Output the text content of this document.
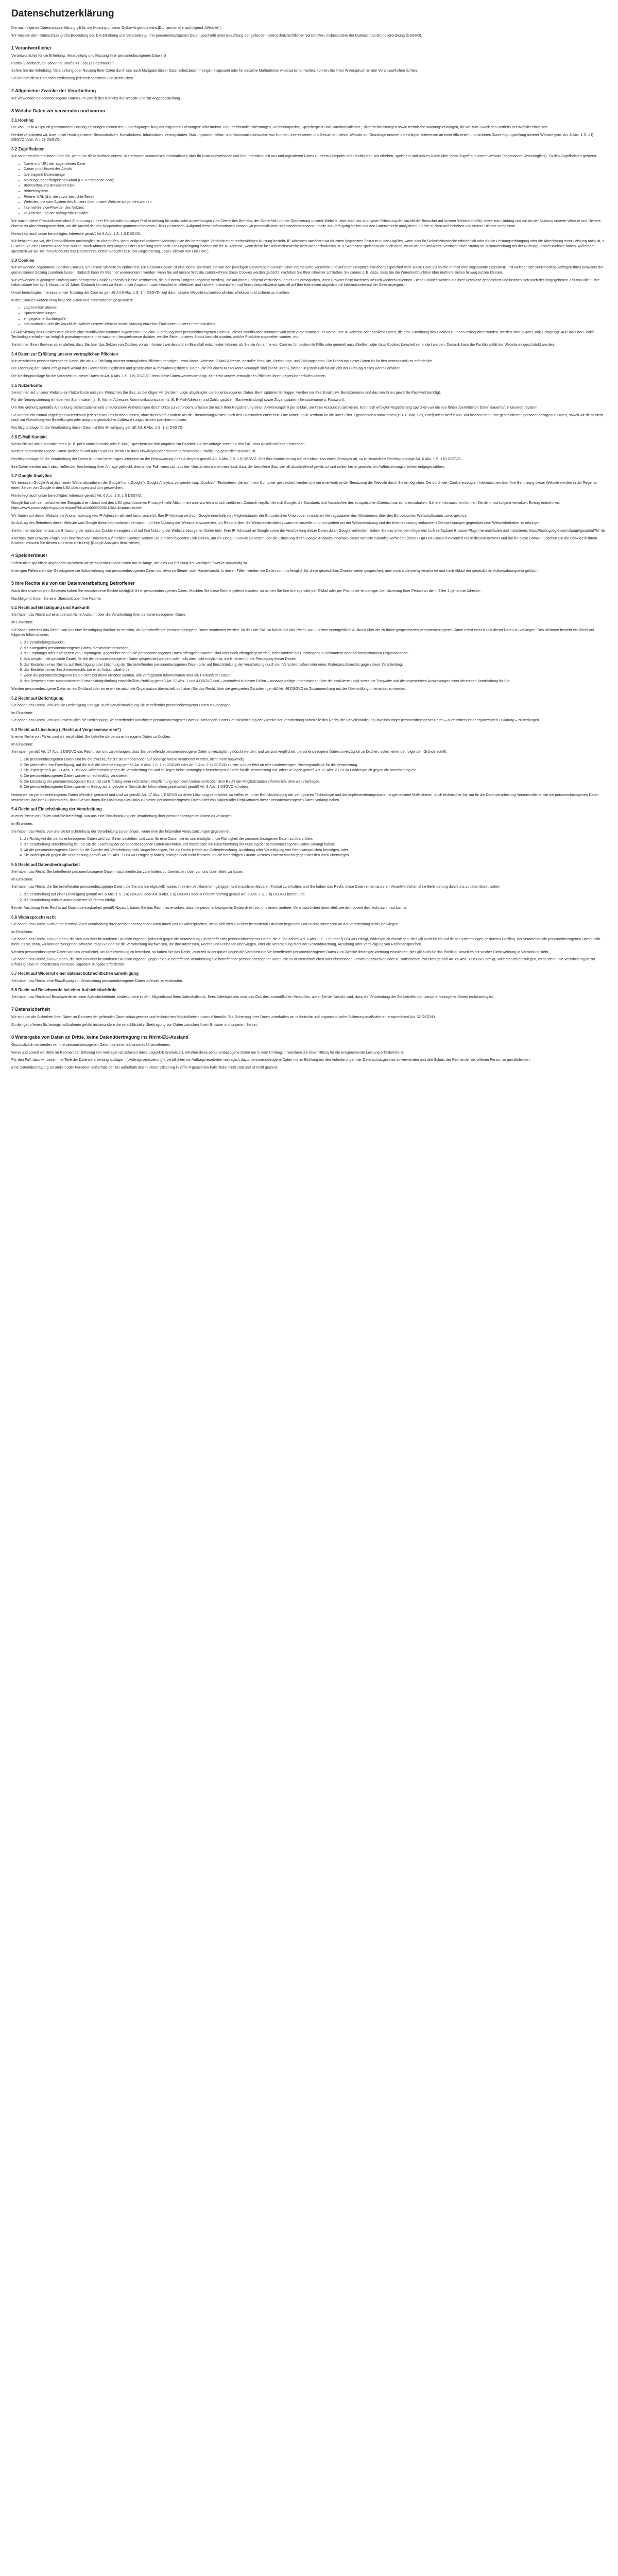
Datenschutzerklärung

Die nachfolgende Datenschutzerklärung gilt für die Nutzung unseres Online-Angebots www.[Domainname] (nachfolgend „Website“).

Wir messen dem Datenschutz große Bedeutung bei. Die Erhebung und Verarbeitung Ihrer personenbezogenen Daten geschieht unter Beachtung der geltenden datenschutzrechtlichen Vorschriften, insbesondere der Datenschutz-Grundverordnung (DSGVO).

1 Verantwortlicher

Verantwortlicher für die Erhebung, Verarbeitung und Nutzung Ihrer personenbezogenen Daten ist

Patrick Eisenbach, St. Johanner Straße 41 · 66111 Saarbrücken

Sofern Sie der Erhebung, Verarbeitung oder Nutzung Ihrer Daten durch uns nach Maßgabe dieser Datenschutzbestimmungen insgesamt oder für einzelne Maßnahmen widersprechen wollen, können Sie Ihren Widerspruch an den Verantwortlichen richten.

Sie können diese Datenschutzerklärung jederzeit speichern und ausdrucken.

2 Allgemeine Zwecke der Verarbeitung

Wir verwenden personenbezogene Daten zum Zweck des Betriebs der Website und zur Angebotsstellung.

3 Welche Daten wir verwenden und warum
3.1 Hosting

Die von uns in Anspruch genommenen Hosting-Leistungen dienen der Zurverfügungstellung der folgenden Leistungen: Infrastruktur- und Plattformdienstleistungen, Rechenkapazität, Speicherplatz und Datenbankdienste, Sicherheitsleistungen sowie technische Wartungsleistungen, die wir zum Zweck des Betriebs der Website einsetzen.

Hierbei verarbeiten wir, bzw. unser Hostinganbieter Bestandsdaten, Kontaktdaten, Inhaltsdaten, Vertragsdaten, Nutzungsdaten, Meta- und Kommunikationsdaten von Kunden, Interessenten und Besuchern dieser Website auf Grundlage unserer berechtigten Interessen an einer effizienten und sicheren Zurverfügungstellung unserer Website gem. Art. 6 Abs. 1 S. 1 f) DSGVO i.V.m. Art. 28 DSGVO.

3.2 Zugriffsdaten

Wir sammeln Informationen über Sie, wenn Sie diese Website nutzen. Wir erfassen automatisch Informationen über Ihr Nutzungsverhalten und Ihre Interaktion mit uns und registrieren Daten zu Ihrem Computer oder Mobilgerät. Wir erheben, speichern und nutzen Daten über jeden Zugriff auf unsere Website (sogenannte Serverlogfiles). Zu den Zugriffsdaten gehören:

• Name und URL der abgerufenen Datei
• Datum und Uhrzeit des Abrufs
• übertragene Datenmenge
• Meldung über erfolgreichen Abruf (HTTP response code)
• Browsertyp und Browserversion
• Betriebssystem
• Referer URL (d.h. die zuvor besuchte Seite)
• Websites, die vom System des Nutzers über unsere Website aufgerufen werden
• Internet-Service-Provider des Nutzers
• IP-Adresse und der anfragende Provider

Wir nutzen diese Protokolldaten ohne Zuordnung zu Ihrer Person oder sonstiger Profilerstellung für statistische Auswertungen zum Zweck des Betriebs, der Sicherheit und der Optimierung unserer Website, aber auch zur anonymen Erfassung der Anzahl der Besucher auf unserer Website (traffic) sowie zum Umfang und zur Art der Nutzung unserer Website und Dienste, ebenso zu Abrechnungszwecken, um die Anzahl der von Kooperationspartnern erhaltenen Clicks zu messen. Aufgrund dieser Informationen können wir personalisierte und standortbezogene Inhalte zur Verfügung stellen und den Datenverkehr analysieren, Fehler suchen und beheben und unsere Dienste verbessern.

Hierin liegt auch unser berechtigtes Interesse gemäß Art 6 Abs. 1 S. 1 f) DSGVO.

Wir behalten uns vor, die Protokolldaten nachträglich zu überprüfen, wenn aufgrund konkreter Anhaltspunkte der berechtigte Verdacht einer rechtswidrigen Nutzung besteht. IP-Adressen speichern wir für einen begrenzten Zeitraum in den Logfiles, wenn dies für Sicherheitszwecke erforderlich oder für die Leistungserbringung oder die Abrechnung einer Leistung nötig ist, z. B. wenn Sie eines unserer Angebote nutzen. Nach Abbruch des Vorgangs der Bestellung oder nach Zahlungseingang löschen wir die IP-Adresse, wenn diese für Sicherheitszwecke nicht mehr erforderlich ist. IP-Adressen speichern wir auch dann, wenn wir den konkreten Verdacht einer Straftat im Zusammenhang mit der Nutzung unserer Website haben. Außerdem speichern wir als Teil Ihres Accounts das Datum Ihres letzten Besuchs (z.B. bei Registrierung, Login, Klicken von Links etc.).

3.3 Cookies

Wir verwenden sogenannte Session-Cookies, um unsere Website zu optimieren. Ein Session-Cookie ist eine kleine Textdatei, die von den jeweiligen Servern beim Besuch einer Internetseite verschickt und auf Ihrer Festplatte zwischengespeichert wird. Diese Datei als solche enthält eine sogenannte Session-ID, mit welcher sich verschiedene Anfragen Ihres Browsers der gemeinsamen Sitzung zuordnen lassen. Dadurch kann Ihr Rechner wiedererkannt werden, wenn Sie auf unsere Website zurückkehren. Diese Cookies werden gelöscht, nachdem Sie Ihren Browser schließen. Sie dienen z. B. dazu, dass Sie die Warenkorbfunktion über mehrere Seiten hinweg nutzen können.

Wir verwenden in geringem Umfang auch persistente Cookies (ebenfalls kleine Textdateien, die auf Ihrem Endgerät abgelegt werden), die auf Ihrem Endgerät verbleiben und es uns ermöglichen, Ihren Browser beim nächsten Besuch wiederzuerkennen. Diese Cookies werden auf Ihrer Festplatte gespeichert und löschen sich nach der vorgegebenen Zeit von allein. Ihre Lebensdauer beträgt 1 Monat bis 10 Jahre. Dadurch können wir Ihnen unser Angebot nutzerfreundlicher, effektiver und sicherer präsentieren und Ihnen beispielsweise speziell auf Ihre Interessen abgestimmte Informationen auf der Seite anzeigen.

Unser berechtigtes Interesse an der Nutzung der Cookies gemäß Art 6 Abs. 1 S. 1 f) DSGVO liegt darin, unsere Website nutzerfreundlicher, effektiver und sicherer zu machen.

In den Cookies werden etwa folgende Daten und Informationen gespeichert:

• Log-In-Informationen
• Spracheinstellungen
• eingegebene Suchbegriffe
• Informationen über die Anzahl der Aufrufe unserer Website sowie Nutzung einzelner Funktionen unseres Internetauftritts.

Bei Aktivierung des Cookies wird diesem eine Identifikationsnummer zugewiesen und eine Zuordnung Ihrer personenbezogenen Daten zu dieser Identifikationsnummer wird nicht vorgenommen. Ihr Name, Ihre IP-Adresse oder ähnliche Daten, die eine Zuordnung des Cookies zu Ihnen ermöglichen würden, werden nicht in den Cookie eingelegt. Auf Basis der Cookie-Technologie erhalten wir lediglich pseudonymisierte Informationen, beispielsweise darüber, welche Seiten unseres Shops besucht wurden, welche Produkte angesehen wurden, etc.

Sie können Ihren Browser so einstellen, dass Sie über das Setzen von Cookies vorab informiert werden und im Einzelfall entscheiden können, ob Sie die Annahme von Cookies für bestimmte Fälle oder generell ausschließen, oder dass Cookies komplett verhindert werden. Dadurch kann die Funktionalität der Website eingeschränkt werden.

3.4 Daten zur Erfüllung unserer vertraglichen Pflichten

Wir verarbeiten personenbezogene Daten, die wir zur Erfüllung unserer vertraglichen Pflichten benötigen, etwa Name, Adresse, E-Mail-Adresse, bestellte Produkte, Rechnungs- und Zahlungsdaten. Die Erhebung dieser Daten ist für den Vertragsschluss erforderlich.

Die Löschung der Daten erfolgt nach Ablauf der Gewährleistungsfristen und gesetzlicher Aufbewahrungsfristen. Daten, die mit einem Nutzerkonto verknüpft sind (siehe unten), bleiben in jedem Fall für die Zeit der Führung dieses Kontos erhalten.

Die Rechtsgrundlage für die Verarbeitung dieser Daten ist Art. 6 Abs. 1 S. 1 b) DSGVO, denn diese Daten werden benötigt, damit wir unsere vertraglichen Pflichten Ihnen gegenüber erfüllen können.

3.5 Nutzerkonto

Sie können auf unserer Website ein Nutzerkonto anlegen. Wünschen Sie dies, so benötigen wir die beim Login abgefragten personenbezogenen Daten. Beim späteren Einloggen werden nur Ihre Email bzw. Benutzername und das von Ihnen gewählte Passwort benötigt.

Für die Neuregistrierung erheben wir Stammdaten (z. B. Name, Adresse), Kommunikationsdaten (z. B. E-Mail-Adresse) und Zahlungsdaten (Bankverbindung) sowie Zugangsdaten (Benutzername u. Passwort).

Um Ihre ordnungsgemäße Anmeldung sicherzustellen und unautorisierte Anmeldungen durch Dritte zu verhindern, erhalten Sie nach Ihrer Registrierung einen Aktivierungslink per E-Mail, um Ihren Account zu aktivieren. Erst nach erfolgter Registrierung speichern wir die von Ihnen übermittelten Daten dauerhaft in unserem System.

Sie können ein einmal angelegtes Nutzerkonto jederzeit von uns löschen lassen, ohne dass hierfür andere als die Übermittlungskosten nach den Basistarifen entstehen. Eine Mitteilung in Textform an die unter Ziffer 1 genannten Kontaktdaten (z.B. E-Mail, Fax, Brief) reicht hierfür aus. Wir löschen dann Ihre gespeicherten personenbezogenen Daten, soweit wir diese nicht noch zur Abwicklung von Bestellungen oder aufgrund gesetzlicher Aufbewahrungspflichten speichern müssen.

Rechtsgrundlage für die Verarbeitung dieser Daten ist Ihre Einwilligung gemäß Art. 6 Abs. 1 S. 1 a) DSGVO.

3.6 E-Mail Kontakt

Wenn Sie mit uns in Kontakt treten (z. B. per Kontaktformular oder E-Mail), speichern wir Ihre Angaben zur Bearbeitung der Anfrage sowie für den Fall, dass Anschlussfragen entstehen.

Weitere personenbezogene Daten speichern und nutzen wir nur, wenn Sie dazu einwilligen oder dies ohne besondere Einwilligung gesetzlich zulässig ist.

Rechtsgrundlage für die Verarbeitung der Daten ist unser berechtigtes Interesse an der Beantwortung Ihres Anliegens gemäß Art. 6 Abs. 1 S. 1 f) DSGVO. Zielt Ihre Kontaktierung auf den Abschluss eines Vertrages ab, so ist zusätzliche Rechtsgrundlage Art. 6 Abs. 1 S. 1 b) DSGVO.

Ihre Daten werden nach abschließender Bearbeitung Ihrer Anfrage gelöscht, dies ist der Fall, wenn sich aus den Umständen entnehmen lässt, dass der betroffene Sachverhalt abschließend geklärt ist und sofern keine gesetzlichen Aufbewahrungspflichten entgegenstehen.

3.7 Google Analytics

Wir benutzen Google Analytics, einen Webanalysedienst der Google Inc. („Google“). Google Analytics verwendet sog. „Cookies“, Textdateien, die auf Ihrem Computer gespeichert werden und die eine Analyse der Benutzung der Website durch Sie ermöglichen. Die durch den Cookie erzeugten Informationen über Ihre Benutzung dieser Website werden in der Regel an einen Server von Google in den USA übertragen und dort gespeichert.

Hierin liegt auch unser berechtigtes Interesse gemäß Art. 6 Abs. 1 S. 1 f) DSGVO.

Google hat sich dem zwischen der Europäischen Union und den USA geschlossenen Privacy-Shield-Abkommen unterworfen und sich zertifiziert. Dadurch verpflichtet sich Google, die Standards und Vorschriften des europäischen Datenschutzrechts einzuhalten. Nähere Informationen können Sie dem nachfolgend verlinkten Eintrag entnehmen: https://www.privacyshield.gov/participant?id=a2zt000000001L5AAI&status=Active

Wir haben auf dieser Website die Anonymisierung von IP-Adressen aktiviert (anonymizeIp). Ihre IP-Adresse wird von Google innerhalb von Mitgliedstaaten der Europäischen Union oder in anderen Vertragsstaaten des Abkommens über den Europäischen Wirtschaftsraum zuvor gekürzt.

Im Auftrag des Betreibers dieser Website wird Google diese Informationen benutzen, um Ihre Nutzung der Website auszuwerten, um Reports über die Websiteaktivitäten zusammenzustellen und um weitere mit der Websitenutzung und der Internetnutzung verbundene Dienstleistungen gegenüber dem Websitebetreiber zu erbringen.

Sie können darüber hinaus die Erfassung der durch das Cookie erzeugten und auf Ihre Nutzung der Website bezogenen Daten (inkl. Ihrer IP-Adresse) an Google sowie die Verarbeitung dieser Daten durch Google verhindern, indem Sie das unter dem folgenden Link verfügbare Browser-Plugin herunterladen und installieren: https://tools.google.com/dlpage/gaoptout?hl=de

Alternativ zum Browser-Plugin oder innerhalb von Browsern auf mobilen Geräten können Sie auf den folgenden Link klicken, um ein Opt-Out-Cookie zu setzen, der die Erfassung durch Google Analytics innerhalb dieser Website zukünftig verhindert (dieses Opt-Out-Cookie funktioniert nur in diesem Browser und nur für diese Domain. Löschen Sie die Cookies in Ihrem Browser, müssen Sie diesen Link erneut klicken): [Google Analytics deaktivieren]

4 Speicherdauer

Sofern nicht spezifisch angegeben speichern wir personenbezogene Daten nur so lange, wie dies zur Erfüllung der verfolgten Zwecke notwendig ist.

In einigen Fällen sieht der Gesetzgeber die Aufbewahrung von personenbezogenen Daten vor, etwa im Steuer- oder Handelsrecht. In diesen Fällen werden die Daten von uns lediglich für diese gesetzlichen Zwecke weiter gespeichert, aber nicht anderweitig verarbeitet und nach Ablauf der gesetzlichen Aufbewahrungsfrist gelöscht.

5 Ihre Rechte als von der Datenverarbeitung Betroffener

Nach den anwendbaren Gesetzen haben Sie verschiedene Rechte bezüglich Ihrer personenbezogenen Daten. Möchten Sie diese Rechte geltend machen, so richten Sie Ihre Anfrage bitte per E-Mail oder per Post unter eindeutiger Identifizierung Ihrer Person an die in Ziffer 1 genannte Adresse.

Nachfolgend finden Sie eine Übersicht über Ihre Rechte.

5.1 Recht auf Bestätigung und Auskunft

Sie haben das Recht auf eine übersichtliche Auskunft über die Verarbeitung Ihrer personenbezogenen Daten.

Im Einzelnen:

Sie haben jederzeit das Recht, von uns eine Bestätigung darüber zu erhalten, ob Sie betreffende personenbezogene Daten verarbeitet werden. Ist dies der Fall, so haben Sie das Recht, von uns eine unentgeltliche Auskunft über die zu Ihnen gespeicherten personenbezogenen Daten nebst einer Kopie dieser Daten zu verlangen. Des Weiteren besteht ein Recht auf folgende Informationen:

1. die Verarbeitungszwecke;
2. die Kategorien personenbezogener Daten, die verarbeitet werden;
3. die Empfänger oder Kategorien von Empfängern, gegenüber denen die personenbezogenen Daten offengelegt worden sind oder noch offengelegt werden, insbesondere bei Empfängern in Drittländern oder bei internationalen Organisationen;
4. falls möglich, die geplante Dauer, für die die personenbezogenen Daten gespeichert werden, oder, falls dies nicht möglich ist, die Kriterien für die Festlegung dieser Dauer;
5. das Bestehen eines Rechts auf Berichtigung oder Löschung der Sie betreffenden personenbezogenen Daten oder auf Einschränkung der Verarbeitung durch den Verantwortlichen oder eines Widerspruchsrechts gegen diese Verarbeitung;
6. das Bestehen eines Beschwerderechts bei einer Aufsichtsbehörde;
7. wenn die personenbezogenen Daten nicht bei Ihnen erhoben werden, alle verfügbaren Informationen über die Herkunft der Daten;
8. das Bestehen einer automatisierten Entscheidungsfindung einschließlich Profiling gemäß Art. 22 Abs. 1 und 4 DSGVO und – zumindest in diesen Fällen – aussagekräftige Informationen über die involvierte Logik sowie die Tragweite und die angestrebten Auswirkungen einer derartigen Verarbeitung für Sie.

Werden personenbezogene Daten an ein Drittland oder an eine internationale Organisation übermittelt, so haben Sie das Recht, über die geeigneten Garantien gemäß Art. 46 DSGVO im Zusammenhang mit der Übermittlung unterrichtet zu werden.

5.2 Recht auf Berichtigung

Sie haben das Recht, von uns die Berichtigung und ggf. auch Vervollständigung Sie betreffender personenbezogener Daten zu verlangen.

Im Einzelnen:

Sie haben das Recht, von uns unverzüglich die Berichtigung Sie betreffender unrichtiger personenbezogener Daten zu verlangen. Unter Berücksichtigung der Zwecke der Verarbeitung haben Sie das Recht, die Vervollständigung unvollständiger personenbezogener Daten – auch mittels einer ergänzenden Erklärung – zu verlangen.

5.3 Recht auf Löschung („Recht auf Vergessenwerden“)

In einer Reihe von Fällen sind wir verpflichtet, Sie betreffende personenbezogene Daten zu löschen.

Im Einzelnen:

Sie haben gemäß Art. 17 Abs. 1 DSGVO das Recht, von uns zu verlangen, dass Sie betreffende personenbezogene Daten unverzüglich gelöscht werden, und wir sind verpflichtet, personenbezogene Daten unverzüglich zu löschen, sofern einer der folgenden Gründe zutrifft:

1. Die personenbezogenen Daten sind für die Zwecke, für die sie erhoben oder auf sonstige Weise verarbeitet wurden, nicht mehr notwendig.
2. Sie widerrufen Ihre Einwilligung, auf die sich die Verarbeitung gemäß Art. 6 Abs. 1 S. 1 a) DSGVO oder Art. 9 Abs. 2 a) DSGVO stützte, und es fehlt an einer anderweitigen Rechtsgrundlage für die Verarbeitung.
3. Sie legen gemäß Art. 21 Abs. 1 DSGVO Widerspruch gegen die Verarbeitung ein und es liegen keine vorrangigen berechtigten Gründe für die Verarbeitung vor, oder Sie legen gemäß Art. 21 Abs. 2 DSGVO Widerspruch gegen die Verarbeitung ein.
4. Die personenbezogenen Daten wurden unrechtmäßig verarbeitet.
5. Die Löschung der personenbezogenen Daten ist zur Erfüllung einer rechtlichen Verpflichtung nach dem Unionsrecht oder dem Recht der Mitgliedstaaten erforderlich, dem wir unterliegen.
6. Die personenbezogenen Daten wurden in Bezug auf angebotene Dienste der Informationsgesellschaft gemäß Art. 8 Abs. 1 DSGVO erhoben.

Haben wir die personenbezogenen Daten öffentlich gemacht und sind wir gemäß Art. 17 Abs. 1 DSGVO zu deren Löschung verpflichtet, so treffen wir unter Berücksichtigung der verfügbaren Technologie und der Implementierungskosten angemessene Maßnahmen, auch technischer Art, um für die Datenverarbeitung Verantwortliche, die die personenbezogenen Daten verarbeiten, darüber zu informieren, dass Sie von ihnen die Löschung aller Links zu diesen personenbezogenen Daten oder von Kopien oder Replikationen dieser personenbezogenen Daten verlangt haben.

5.4 Recht auf Einschränkung der Verarbeitung

In einer Reihe von Fällen sind Sie berechtigt, von uns eine Einschränkung der Verarbeitung Ihrer personenbezogenen Daten zu verlangen.

Im Einzelnen:

Sie haben das Recht, von uns die Einschränkung der Verarbeitung zu verlangen, wenn eine der folgenden Voraussetzungen gegeben ist:

1. die Richtigkeit der personenbezogenen Daten wird von Ihnen bestritten, und zwar für eine Dauer, die es uns ermöglicht, die Richtigkeit der personenbezogenen Daten zu überprüfen,
2. die Verarbeitung unrechtmäßig ist und Sie die Löschung der personenbezogenen Daten ablehnten und stattdessen die Einschränkung der Nutzung der personenbezogenen Daten verlangt haben;
3. wir die personenbezogenen Daten für die Zwecke der Verarbeitung nicht länger benötigen, Sie die Daten jedoch zur Geltendmachung, Ausübung oder Verteidigung von Rechtsansprüchen benötigen, oder
4. Sie Widerspruch gegen die Verarbeitung gemäß Art. 21 Abs. 1 DSGVO eingelegt haben, solange noch nicht feststeht, ob die berechtigten Gründe unseres Unternehmens gegenüber den Ihren überwiegen.
5.5 Recht auf Datenübertragbarkeit

Sie haben das Recht, Sie betreffende personenbezogene Daten maschinenlesbar zu erhalten, zu übermitteln, oder von uns übermitteln zu lassen.

Im Einzelnen:

Sie haben das Recht, die Sie betreffenden personenbezogenen Daten, die Sie uns bereitgestellt haben, in einem strukturierten, gängigen und maschinenlesbaren Format zu erhalten, und Sie haben das Recht, diese Daten einem anderen Verantwortlichen ohne Behinderung durch uns zu übermitteln, sofern

1. die Verarbeitung auf einer Einwilligung gemäß Art. 6 Abs. 1 S. 1 a) DSGVO oder Art. 9 Abs. 2 a) DSGVO oder auf einem Vertrag gemäß Art. 6 Abs. 1 S. 1 b) DSGVO beruht und
2. die Verarbeitung mithilfe automatisierter Verfahren erfolgt.

Bei der Ausübung Ihres Rechts auf Datenübertragbarkeit gemäß Absatz 1 haben Sie das Recht, zu erwirken, dass die personenbezogenen Daten direkt von uns einem anderen Verantwortlichen übermittelt werden, soweit dies technisch machbar ist.

5.6 Widerspruchsrecht

Sie haben das Recht, auch einer rechtmäßigen Verarbeitung Ihrer personenbezogenen Daten durch uns zu widersprechen, wenn sich dies aus Ihrer besonderen Situation begründet und unsere Interessen an der Verarbeitung nicht überwiegen.

Im Einzelnen:

Sie haben das Recht, aus Gründen, die sich aus Ihrer besonderen Situation ergeben, jederzeit gegen die Verarbeitung Sie betreffender personenbezogener Daten, die aufgrund von Art. 6 Abs. 1 S. 1 e) oder f) DSGVO erfolgt, Widerspruch einzulegen; dies gilt auch für ein auf diese Bestimmungen gestütztes Profiling. Wir verarbeiten die personenbezogenen Daten nicht mehr, es sei denn, wir können zwingende schutzwürdige Gründe für die Verarbeitung nachweisen, die Ihre Interessen, Rechte und Freiheiten überwiegen, oder die Verarbeitung dient der Geltendmachung, Ausübung oder Verteidigung von Rechtsansprüchen.

Werden personenbezogene Daten von uns verarbeitet, um Direktwerbung zu betreiben, so haben Sie das Recht, jederzeit Widerspruch gegen die Verarbeitung Sie betreffender personenbezogener Daten zum Zwecke derartiger Werbung einzulegen; dies gilt auch für das Profiling, soweit es mit solcher Direktwerbung in Verbindung steht.

Sie haben das Recht, aus Gründen, die sich aus Ihrer besonderen Situation ergeben, gegen die Sie betreffende Verarbeitung Sie betreffender personenbezogener Daten, die zu wissenschaftlichen oder historischen Forschungszwecken oder zu statistischen Zwecken gemäß Art. 89 Abs. 1 DSGVO erfolgt, Widerspruch einzulegen, es sei denn, die Verarbeitung ist zur Erfüllung einer im öffentlichen Interesse liegenden Aufgabe erforderlich.

5.7 Recht auf Widerruf einer datenschutzrechtlichen Einwilligung

Sie haben das Recht, eine Einwilligung zur Verarbeitung personenbezogener Daten jederzeit zu widerrufen.

5.8 Recht auf Beschwerde bei einer Aufsichtsbehörde

Sie haben das Recht auf Beschwerde bei einer Aufsichtsbehörde, insbesondere in dem Mitgliedstaat Ihres Aufenthaltsorts, Ihres Arbeitsplatzes oder des Orts des mutmaßlichen Verstoßes, wenn Sie der Ansicht sind, dass die Verarbeitung der Sie betreffenden personenbezogenen Daten rechtswidrig ist.

7 Datensicherheit

Wir sind um die Sicherheit Ihrer Daten im Rahmen der geltenden Datenschutzgesetze und technischen Möglichkeiten maximal bemüht. Zur Sicherung Ihrer Daten unterhalten wir technische und organisatorische Sicherungsmaßnahmen entsprechend Art. 32 DSGVO.

Zu den getroffenen Sicherungsmaßnahmen gehört insbesondere die verschlüsselte Übertragung von Daten zwischen Ihrem Browser und unserem Server.

8 Weitergabe von Daten an Dritte, keine Datenübertragung ins Nicht-EU-Ausland

Grundsätzlich verwenden wir Ihre personenbezogenen Daten nur innerhalb unseres Unternehmens.

Wenn und soweit wir Dritte im Rahmen der Erfüllung von Verträgen einschalten (etwa Logistik-Dienstleister), erhalten diese personenbezogene Daten nur in dem Umfang, in welchem die Übermittlung für die entsprechende Leistung erforderlich ist.

Für den Fall, dass wir bestimmte Teile der Datenverarbeitung auslagern („Auftragsverarbeitung“), verpflichten wir Auftragsverarbeiter vertraglich dazu, personenbezogene Daten nur im Einklang mit den Anforderungen der Datenschutzgesetze zu verwenden und den Schutz der Rechte der betroffenen Person zu gewährleisten.

Eine Datenübertragung an Stellen oder Personen außerhalb der EU außerhalb des in dieser Erklärung in Ziffer 4 genannten Falls findet nicht statt und ist nicht geplant.
